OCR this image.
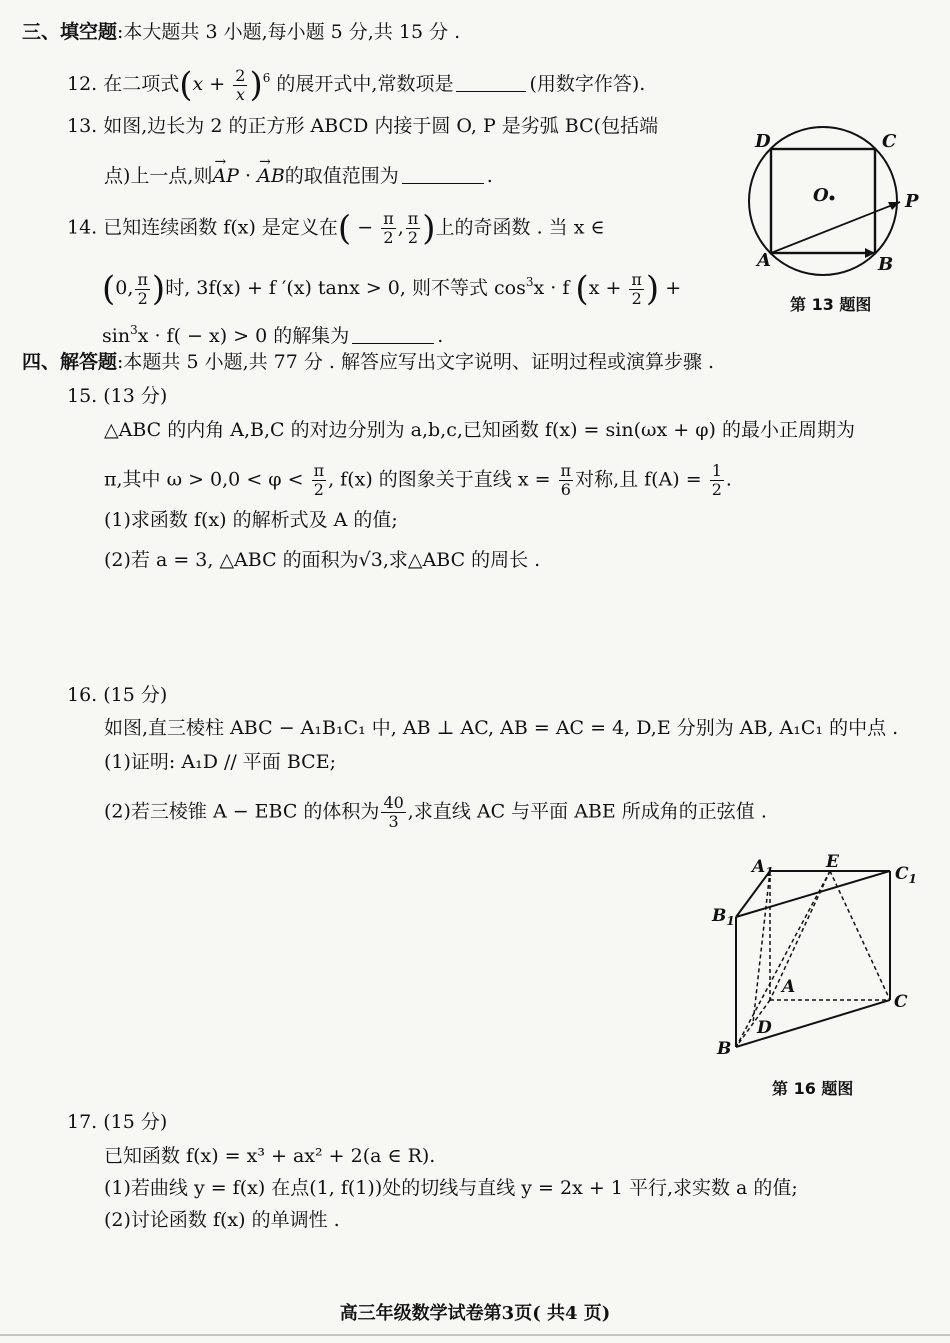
三、填空题:本大题共 3 小题,每小题 5 分,共 15 分 .
12. 在二项式$(x + \frac{2}{x} )^6$ 的展开式中,常数项是	(用数字作答).
13. 如图,边长为 2 的正方形 ABCD 内接于圆 O, P 是劣弧 BC(包括端
点)上一点,则→ AP · → AB的取值范围为	.
14. 已知连续函数 f(x) 是定义在( − $\frac{\pi}{2}$ , $\frac{\pi}{2}$ )上的奇函数 . 当 x ∈
(0, $\frac{\pi}{2}$ )时, 3f(x) + f ′(x) tanx > 0, 则不等式 $\cos^3x \cdot f$ ($x + \frac{\pi}{2}$ ) +
$\sin^3x \cdot f( - x) > 0$ 的解集为	.
D	C
O	P
A	B
第 13 题图
四、解答题:本题共 5 小题,共 77 分 . 解答应写出文字说明、证明过程或演算步骤 .
15. (13 分)
△ABC 的内角 A,B,C 的对边分别为 a,b,c,已知函数 f(x) = sin(ωx + φ) 的最小正周期为
π,其中 $\omega > 0,0 < \varphi < \frac{\pi}{2}$ , f(x) 的图象关于直线 $x = \frac{\pi}{6}$ 对称,且 $f(A) = \frac{1}{2}$ .
(1)求函数 f(x) 的解析式及 A 的值;
(2)若 a = 3, △ABC 的面积为√3,求△ABC 的周长 .
16. (15 分)
如图,直三棱柱 ABC − A₁B₁C₁ 中, AB ⊥ AC, AB = AC = 4, D,E 分别为 AB, A₁C₁ 的中点 .
(1)证明: A₁D // 平面 BCE;
(2)若三棱锥 A − EBC 的体积为 $\frac{40}{3}$ ,求直线 AC 与平面 ABE 所成角的正弦值 .
$A_1$	E
$C_1$
$B_1$
A
C
D
B
第 16 题图
17. (15 分)
已知函数 f(x) = x³ + ax² + 2(a ∈ R).
(1)若曲线 y = f(x) 在点(1, f(1))处的切线与直线 y = 2x + 1 平行,求实数 a 的值;
(2)讨论函数 f(x) 的单调性 .
高三年级数学试卷第3页( 共4 页)
